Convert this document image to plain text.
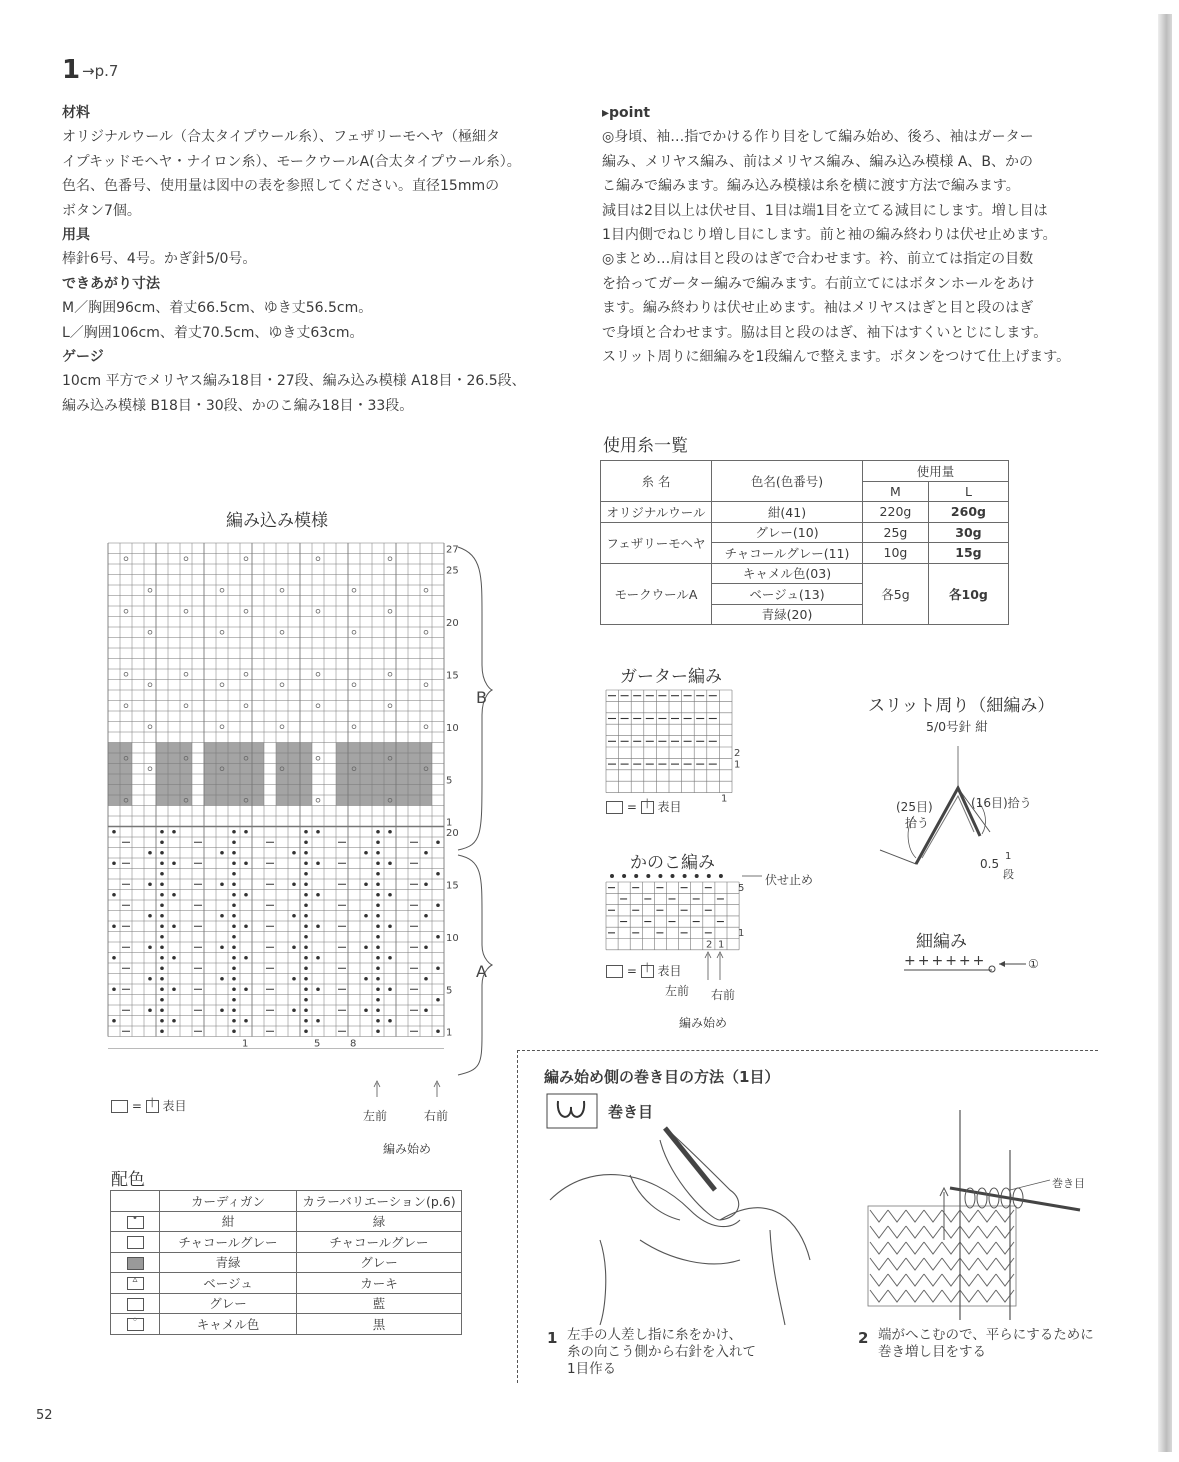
1 →p.7

材料

オリジナルウール（合太タイプウール糸）、フェザリーモヘヤ（極細タ

イプキッドモヘヤ・ナイロン糸）、モークウールA(合太タイプウール糸）。

色名、色番号、使用量は図中の表を参照してください。直径15mmの

ボタン7個。

用具

棒針6号、4号。かぎ針5/0号。

できあがり寸法

M／胸囲96cm、着丈66.5cm、ゆき丈56.5cm。

L／胸囲106cm、着丈70.5cm、ゆき丈63cm。

ゲージ

10cm 平方でメリヤス編み18目・27段、編み込み模様 A18目・26.5段、

編み込み模様 B18目・30段、かのこ編み18目・33段。

▸point

◎身頃、袖…指でかける作り目をして編み始め、後ろ、袖はガーター

編み、メリヤス編み、前はメリヤス編み、編み込み模様 A、B、かの

こ編みで編みます。編み込み模様は糸を横に渡す方法で編みます。

減目は2目以上は伏せ目、1目は端1目を立てる減目にします。増し目は

1目内側でねじり増し目にします。前と袖の編み終わりは伏せ止めます。

◎まとめ…肩は目と段のはぎで合わせます。衿、前立ては指定の目数

を拾ってガーター編みで編みます。右前立てにはボタンホールをあけ

ます。編み終わりは伏せ止めます。袖はメリヤスはぎと目と段のはぎ

で身頃と合わせます。脇は目と段のはぎ、袖下はすくいとじにします。

スリット周りに細編みを1段編んで整えます。ボタンをつけて仕上げます。

使用糸一覧
糸 名	色名(色番号)	使用量	
		M	L
オリジナルウール	紺(41)	220g	260g
フェザリーモヘヤ	グレー(10)	25g	30g
	チャコールグレー(11)	10g	15g
モークウールA	キャメル色(03)	各5g	各10g
	ベージュ(13)		
	青緑(20)		
編み込み模様
27
25
20
15
10
5
1
20
15
10
5
1
8
5
1
B
A
= | 表目
左前	右前
編み始め
配色
	カーディガン	カラーバリエーション(p.6)

•	紺	緑

	チャコールグレー	チャコールグレー

	青緑	グレー

▵	ベージュ	カーキ

	グレー	藍

◦	キャメル色	黒
ガーター編み
2
1
1
= | 表目
かのこ編み
5
1
2 1
伏せ止め
= | 表目
左前 右前
編み始め
スリット周り（細編み）
5/0号針 紺
(25目)
拾う
(16目)拾う
0.5
1
段
細編み
++++++	①
編み始め側の巻き目の方法（1目）
巻き目
巻き目
1 左手の人差し指に糸をかけ、
糸の向こう側から右針を入れて
1目作る
2 端がへこむので、平らにするために
巻き増し目をする
52
